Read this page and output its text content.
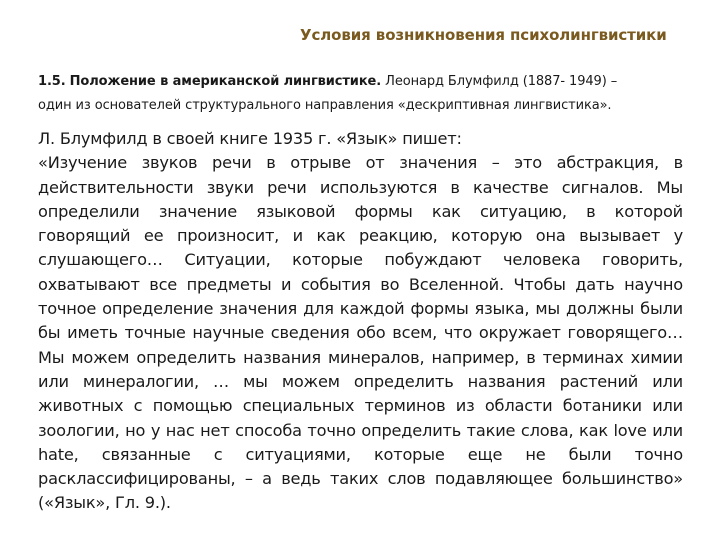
Условия возникновения психолингвистики
1.5. Положение в американской лингвистике. Леонард Блумфилд (1887- 1949) –
один из основателей структурального направления «дескриптивная лингвистика».
Л. Блумфилд в своей книге 1935 г. «Язык» пишет:
«Изучение звуков речи в отрыве от значения – это абстракция, в
действительности звуки речи используются в качестве сигналов. Мы
определили значение языковой формы как ситуацию, в которой
говорящий ее произносит, и как реакцию, которую она вызывает у
слушающего… Ситуации, которые побуждают человека говорить,
охватывают все предметы и события во Вселенной. Чтобы дать научно
точное определение значения для каждой формы языка, мы должны были
бы иметь точные научные сведения обо всем, что окружает говорящего…
Мы можем определить названия минералов, например, в терминах химии
или минералогии, … мы можем определить названия растений или
животных с помощью специальных терминов из области ботаники или
зоологии, но у нас нет способа точно определить такие слова, как love или
hate, связанные с ситуациями, которые еще не были точно
расклассифицированы, – а ведь таких слов подавляющее большинство»
(«Язык», Гл. 9.).
